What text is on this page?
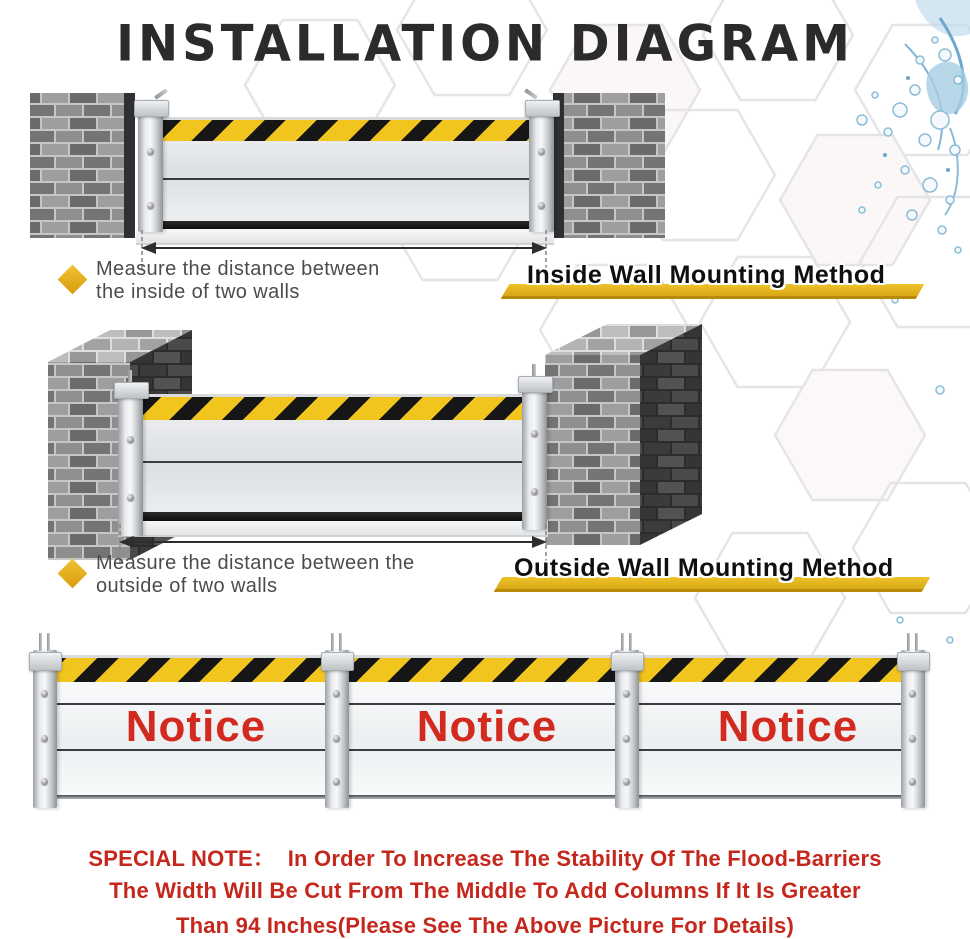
Measure the distance between
the inside of two walls
Inside Wall Mounting Method
Measure the distance between the
outside of two walls
Outside Wall Mounting Method
Notice	Notice	Notice
INSTALLATION DIAGRAM
SPECIAL NOTE：  In Order To Increase The Stability Of The Flood-Barriers
The Width Will Be Cut From The Middle To Add Columns If It Is Greater
Than 94 Inches(Please See The Above Picture For Details)
